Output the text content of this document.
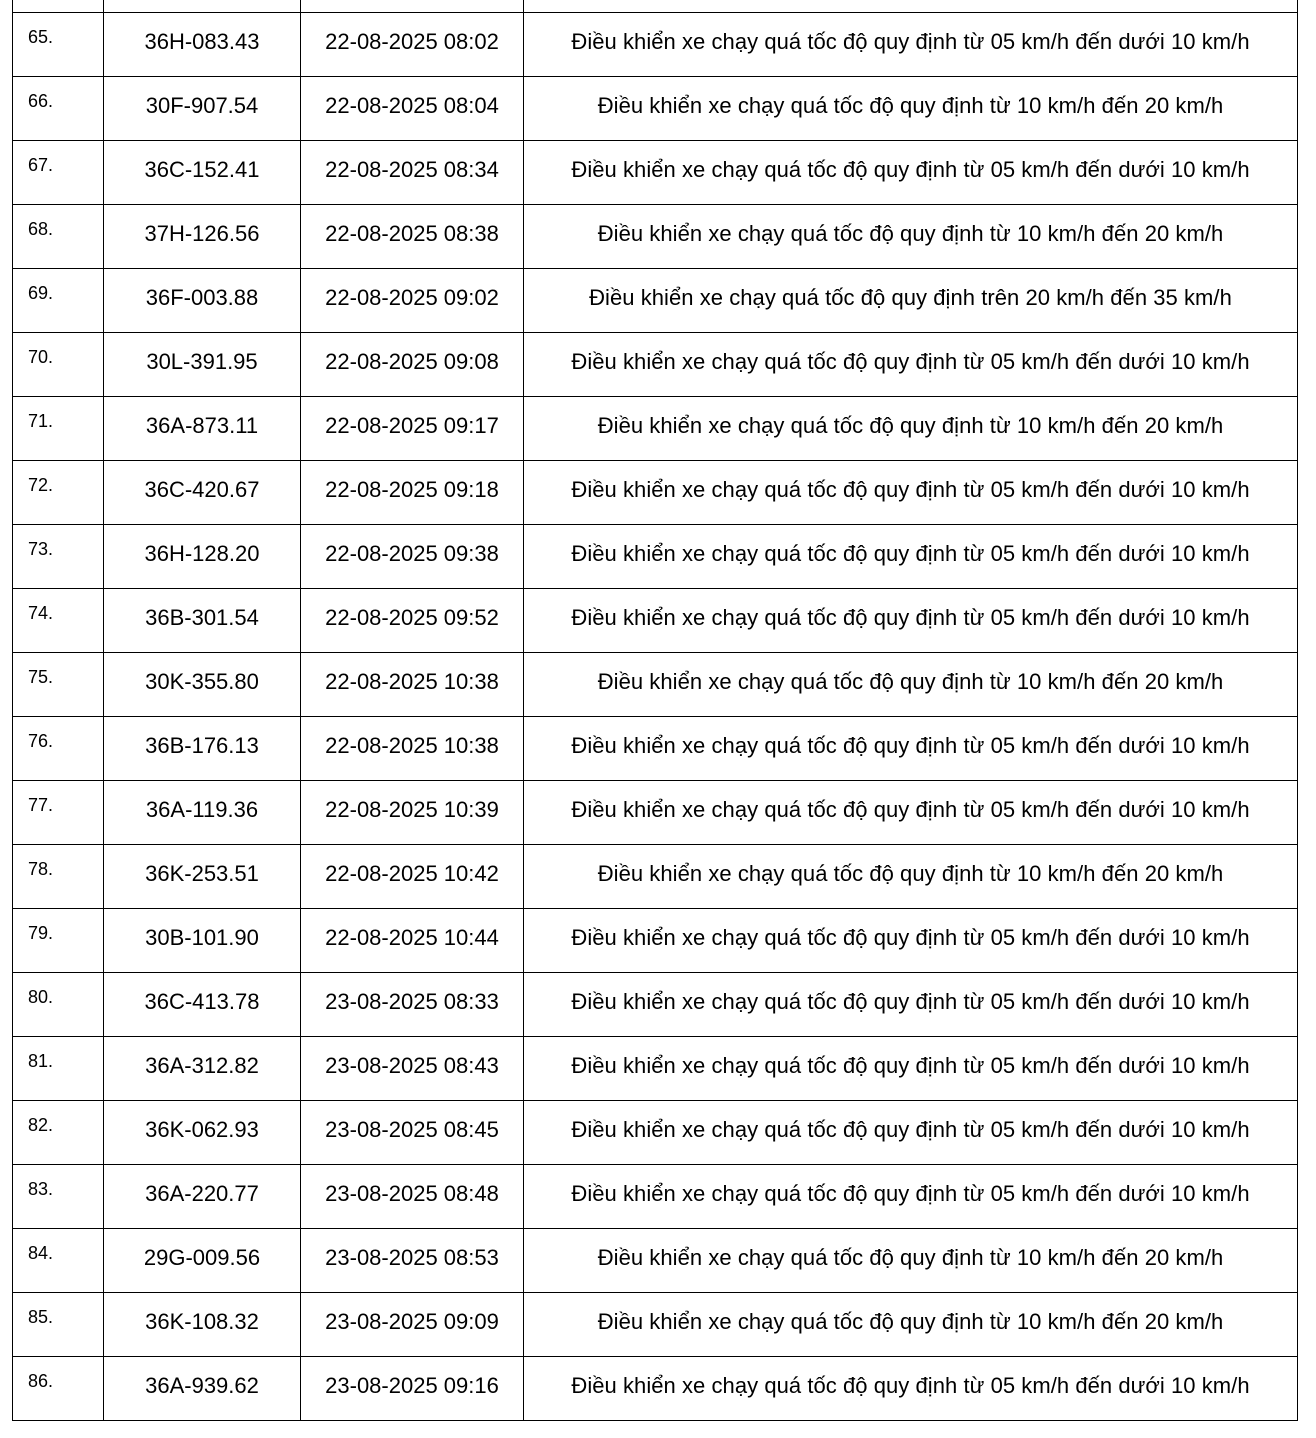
65.	36H-083.43	22-08-2025 08:02	Điều khiển xe chạy quá tốc độ quy định từ 05 km/h đến dưới 10 km/h

66.	30F-907.54	22-08-2025 08:04	Điều khiển xe chạy quá tốc độ quy định từ 10 km/h đến 20 km/h

67.	36C-152.41	22-08-2025 08:34	Điều khiển xe chạy quá tốc độ quy định từ 05 km/h đến dưới 10 km/h

68.	37H-126.56	22-08-2025 08:38	Điều khiển xe chạy quá tốc độ quy định từ 10 km/h đến 20 km/h

69.	36F-003.88	22-08-2025 09:02	Điều khiển xe chạy quá tốc độ quy định trên 20 km/h đến 35 km/h

70.	30L-391.95	22-08-2025 09:08	Điều khiển xe chạy quá tốc độ quy định từ 05 km/h đến dưới 10 km/h

71.	36A-873.11	22-08-2025 09:17	Điều khiển xe chạy quá tốc độ quy định từ 10 km/h đến 20 km/h

72.	36C-420.67	22-08-2025 09:18	Điều khiển xe chạy quá tốc độ quy định từ 05 km/h đến dưới 10 km/h

73.	36H-128.20	22-08-2025 09:38	Điều khiển xe chạy quá tốc độ quy định từ 05 km/h đến dưới 10 km/h

74.	36B-301.54	22-08-2025 09:52	Điều khiển xe chạy quá tốc độ quy định từ 05 km/h đến dưới 10 km/h

75.	30K-355.80	22-08-2025 10:38	Điều khiển xe chạy quá tốc độ quy định từ 10 km/h đến 20 km/h

76.	36B-176.13	22-08-2025 10:38	Điều khiển xe chạy quá tốc độ quy định từ 05 km/h đến dưới 10 km/h

77.	36A-119.36	22-08-2025 10:39	Điều khiển xe chạy quá tốc độ quy định từ 05 km/h đến dưới 10 km/h

78.	36K-253.51	22-08-2025 10:42	Điều khiển xe chạy quá tốc độ quy định từ 10 km/h đến 20 km/h

79.	30B-101.90	22-08-2025 10:44	Điều khiển xe chạy quá tốc độ quy định từ 05 km/h đến dưới 10 km/h

80.	36C-413.78	23-08-2025 08:33	Điều khiển xe chạy quá tốc độ quy định từ 05 km/h đến dưới 10 km/h

81.	36A-312.82	23-08-2025 08:43	Điều khiển xe chạy quá tốc độ quy định từ 05 km/h đến dưới 10 km/h

82.	36K-062.93	23-08-2025 08:45	Điều khiển xe chạy quá tốc độ quy định từ 05 km/h đến dưới 10 km/h

83.	36A-220.77	23-08-2025 08:48	Điều khiển xe chạy quá tốc độ quy định từ 05 km/h đến dưới 10 km/h

84.	29G-009.56	23-08-2025 08:53	Điều khiển xe chạy quá tốc độ quy định từ 10 km/h đến 20 km/h

85.	36K-108.32	23-08-2025 09:09	Điều khiển xe chạy quá tốc độ quy định từ 10 km/h đến 20 km/h

86.	36A-939.62	23-08-2025 09:16	Điều khiển xe chạy quá tốc độ quy định từ 05 km/h đến dưới 10 km/h
